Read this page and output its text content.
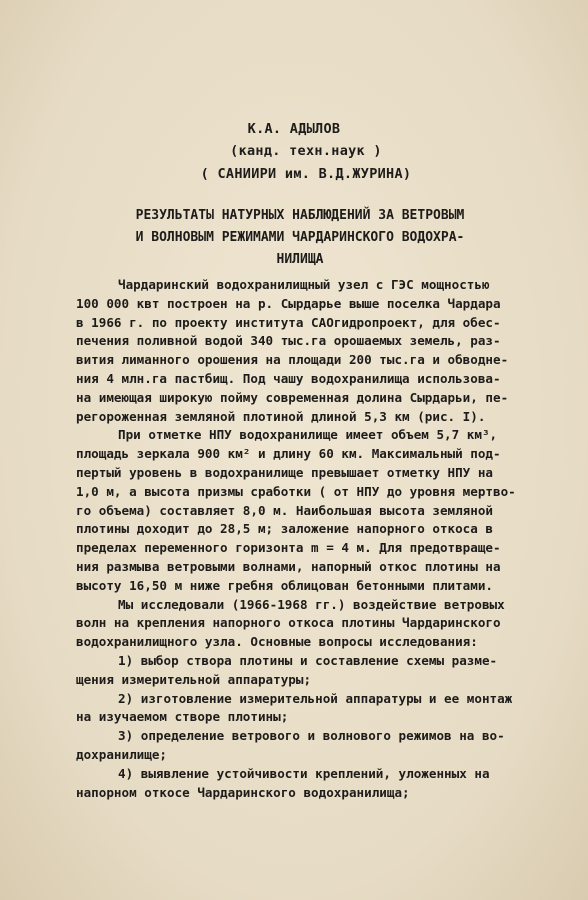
К.А. АДЫЛОВ
(канд. техн.наук )
( САНИИРИ им. В.Д.ЖУРИНА)
РЕЗУЛЬТАТЫ НАТУРНЫХ НАБЛЮДЕНИЙ ЗА ВЕТРОВЫМ
И ВОЛНОВЫМ РЕЖИМАМИ ЧАРДАРИНСКОГО ВОДОХРА-
НИЛИЩА
Чардаринский водохранилищный узел с ГЭС мощностью
100 000 квт построен на р. Сырдарье выше поселка Чардара
в 1966 г. по проекту института САОгидропроект, для обес-
печения поливной водой 340 тыс.га орошаемых земель, раз-
вития лиманного орошения на площади 200 тыс.га и обводне-
ния 4 млн.га пастбищ. Под чашу водохранилища использова-
на имеющая широкую пойму современная долина Сырдарьи, пе-
регороженная земляной плотиной длиной 5,3 км (рис. I).
При отметке НПУ водохранилище имеет объем 5,7 км³,
площадь зеркала 900 км² и длину 60 км. Максимальный под-
пертый уровень в водохранилище превышает отметку НПУ на
1,0 м, а высота призмы сработки ( от НПУ до уровня мертво-
го объема) составляет 8,0 м. Наибольшая высота земляной
плотины доходит до 28,5 м; заложение напорного откоса в
пределах переменного горизонта m = 4 м. Для предотвраще-
ния размыва ветровыми волнами, напорный откос плотины на
высоту 16,50 м ниже гребня облицован бетонными плитами.
Мы исследовали (1966-1968 гг.) воздействие ветровых
волн на крепления напорного откоса плотины Чардаринского
водохранилищного узла. Основные вопросы исследования:
1) выбор створа плотины и составление схемы разме-
щения измерительной аппаратуры;
2) изготовление измерительной аппаратуры и ее монтаж
на изучаемом створе плотины;
3) определение ветрового и волнового режимов на во-
дохранилище;
4) выявление устойчивости креплений, уложенных на
напорном откосе Чардаринского водохранилища;
